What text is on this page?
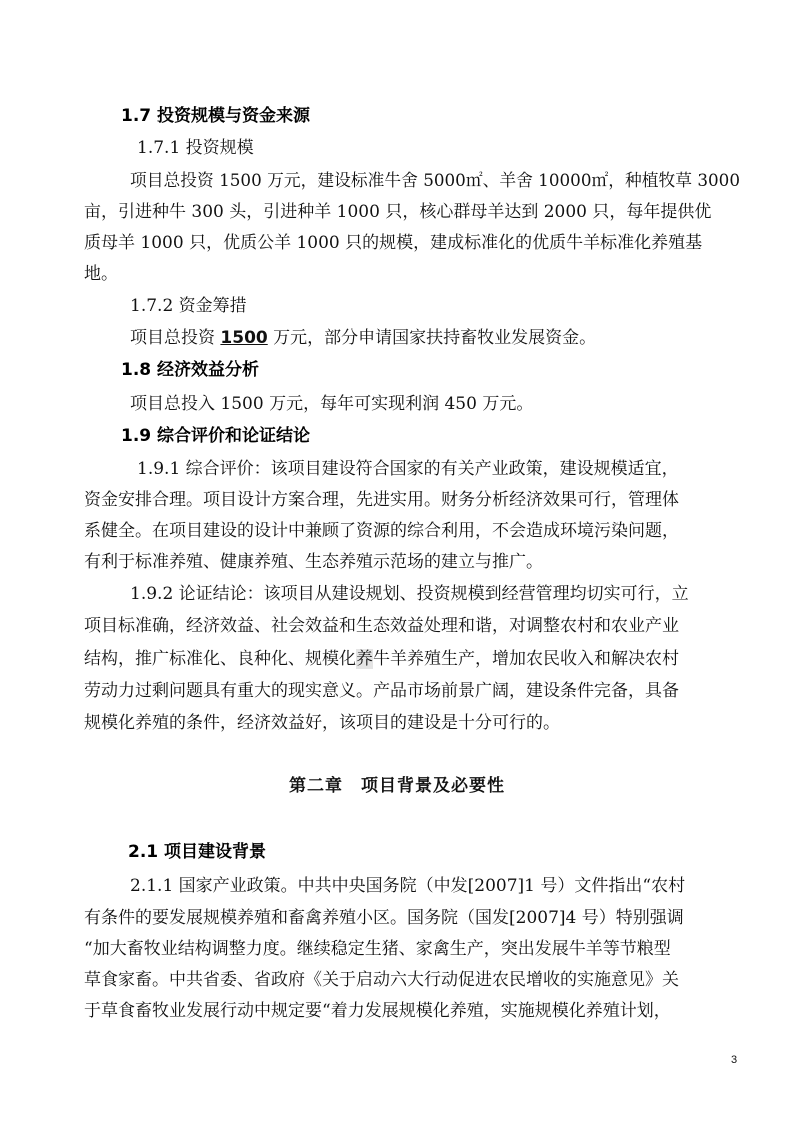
1.7 投资规模与资金来源
1.7.1 投资规模
项目总投资 1500 万元，建设标准牛舍 5000㎡、羊舍 10000㎡，种植牧草 3000
亩，引进种牛 300 头，引进种羊 1000 只，核心群母羊达到 2000 只，每年提供优
质母羊 1000 只，优质公羊 1000 只的规模，建成标准化的优质牛羊标准化养殖基
地。
1.7.2 资金筹措
项目总投资 1500 万元，部分申请国家扶持畜牧业发展资金。
1.8 经济效益分析
项目总投入 1500 万元，每年可实现利润 450 万元。
1.9 综合评价和论证结论
1.9.1 综合评价：该项目建设符合国家的有关产业政策，建设规模适宜，
资金安排合理。项目设计方案合理，先进实用。财务分析经济效果可行，管理体
系健全。在项目建设的设计中兼顾了资源的综合利用，不会造成环境污染问题，
有利于标准养殖、健康养殖、生态养殖示范场的建立与推广。
1.9.2 论证结论：该项目从建设规划、投资规模到经营管理均切实可行，立
项目标准确，经济效益、社会效益和生态效益处理和谐，对调整农村和农业产业
结构，推广标准化、良种化、规模化养牛羊养殖生产，增加农民收入和解决农村
劳动力过剩问题具有重大的现实意义。产品市场前景广阔，建设条件完备，具备
规模化养殖的条件，经济效益好，该项目的建设是十分可行的。
第二章　项目背景及必要性
2.1 项目建设背景
2.1.1 国家产业政策。中共中央国务院（中发[2007]1 号）文件指出“农村
有条件的要发展规模养殖和畜禽养殖小区。国务院（国发[2007]4 号）特别强调
“加大畜牧业结构调整力度。继续稳定生猪、家禽生产，突出发展牛羊等节粮型
草食家畜。中共省委、省政府《关于启动六大行动促进农民增收的实施意见》关
于草食畜牧业发展行动中规定要“着力发展规模化养殖，实施规模化养殖计划，
3
